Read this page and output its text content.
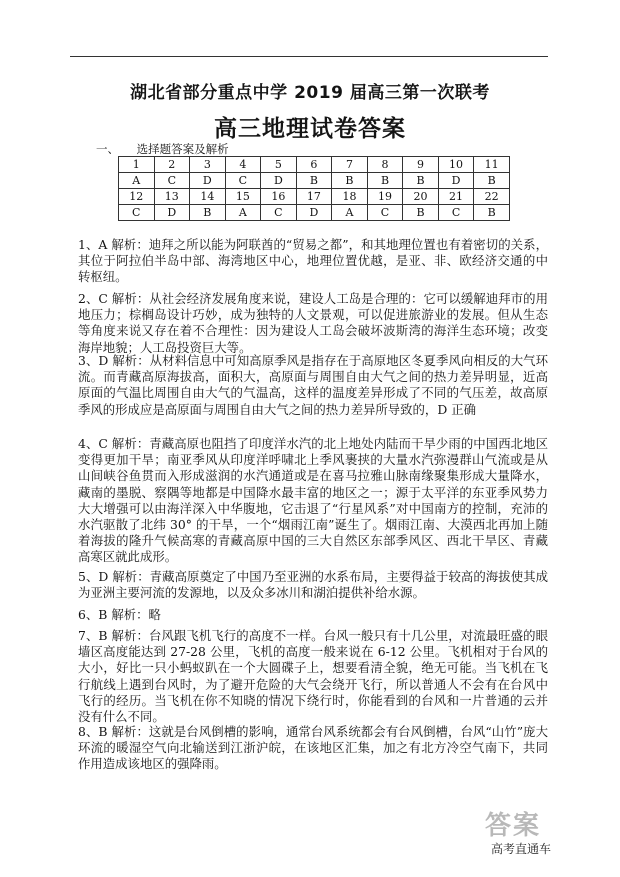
湖北省部分重点中学 2019 届高三第一次联考
高三地理试卷答案
一、 选择题答案及解析
1	2	3	4	5	6	7	8	9	10	11
A	C	D	C	D	B	B	B	B	D	B
12	13	14	15	16	17	18	19	20	21	22
C	D	B	A	C	D	A	C	B	C	B

1、A 解析：迪拜之所以能为阿联酋的“贸易之都”，和其地理位置也有着密切的关系，其位于阿拉伯半岛中部、海湾地区中心，地理位置优越，是亚、非、欧经济交通的中转枢纽。

2、C 解析：从社会经济发展角度来说，建设人工岛是合理的：它可以缓解迪拜市的用地压力；棕榈岛设计巧妙，成为独特的人文景观，可以促进旅游业的发展。但从生态等角度来说又存在着不合理性：因为建设人工岛会破坏波斯湾的海洋生态环境；改变海岸地貌；人工岛投资巨大等。

3、D 解析：从材料信息中可知高原季风是指存在于高原地区冬夏季风向相反的大气环流。而青藏高原海拔高，面积大，高原面与周围自由大气之间的热力差异明显，近高原面的气温比周围自由大气的气温高，这样的温度差异形成了不同的气压差，故高原季风的形成应是高原面与周围自由大气之间的热力差异所导致的，D 正确

4、C 解析：青藏高原也阻挡了印度洋水汽的北上地处内陆而干旱少雨的中国西北地区变得更加干旱；南亚季风从印度洋呼啸北上季风裹挟的大量水汽弥漫群山气流或是从山间峡谷鱼贯而入形成滋润的水汽通道或是在喜马拉雅山脉南缘聚集形成大量降水，藏南的墨脱、察隅等地都是中国降水最丰富的地区之一；源于太平洋的东亚季风势力大大增强可以由海洋深入中华腹地，它击退了“行星风系”对中国南方的控制，充沛的水汽驱散了北纬 30° 的干旱，一个“烟雨江南”诞生了。烟雨江南、大漠西北再加上随着海拔的隆升气候高寒的青藏高原中国的三大自然区东部季风区、西北干旱区、青藏高寒区就此成形。

5、D 解析：青藏高原奠定了中国乃至亚洲的水系布局，主要得益于较高的海拔使其成为亚洲主要河流的发源地，以及众多冰川和湖泊提供补给水源。

6、B 解析：略

7、B 解析：台风跟飞机飞行的高度不一样。台风一般只有十几公里，对流最旺盛的眼墙区高度能达到 27-28 公里，飞机的高度一般来说在 6-12 公里。飞机相对于台风的大小，好比一只小蚂蚁趴在一个大圆碟子上，想要看清全貌，绝无可能。当飞机在飞行航线上遇到台风时，为了避开危险的大气会绕开飞行，所以普通人不会有在台风中飞行的经历。当飞机在你不知晓的情况下绕行时，你能看到的台风和一片普通的云并没有什么不同。

8、B 解析：这就是台风倒槽的影响，通常台风系统都会有台风倒槽，台风“山竹”庞大环流的暖湿空气向北输送到江浙沪皖，在该地区汇集，加之有北方冷空气南下，共同作用造成该地区的强降雨。

答案
高考直通车
